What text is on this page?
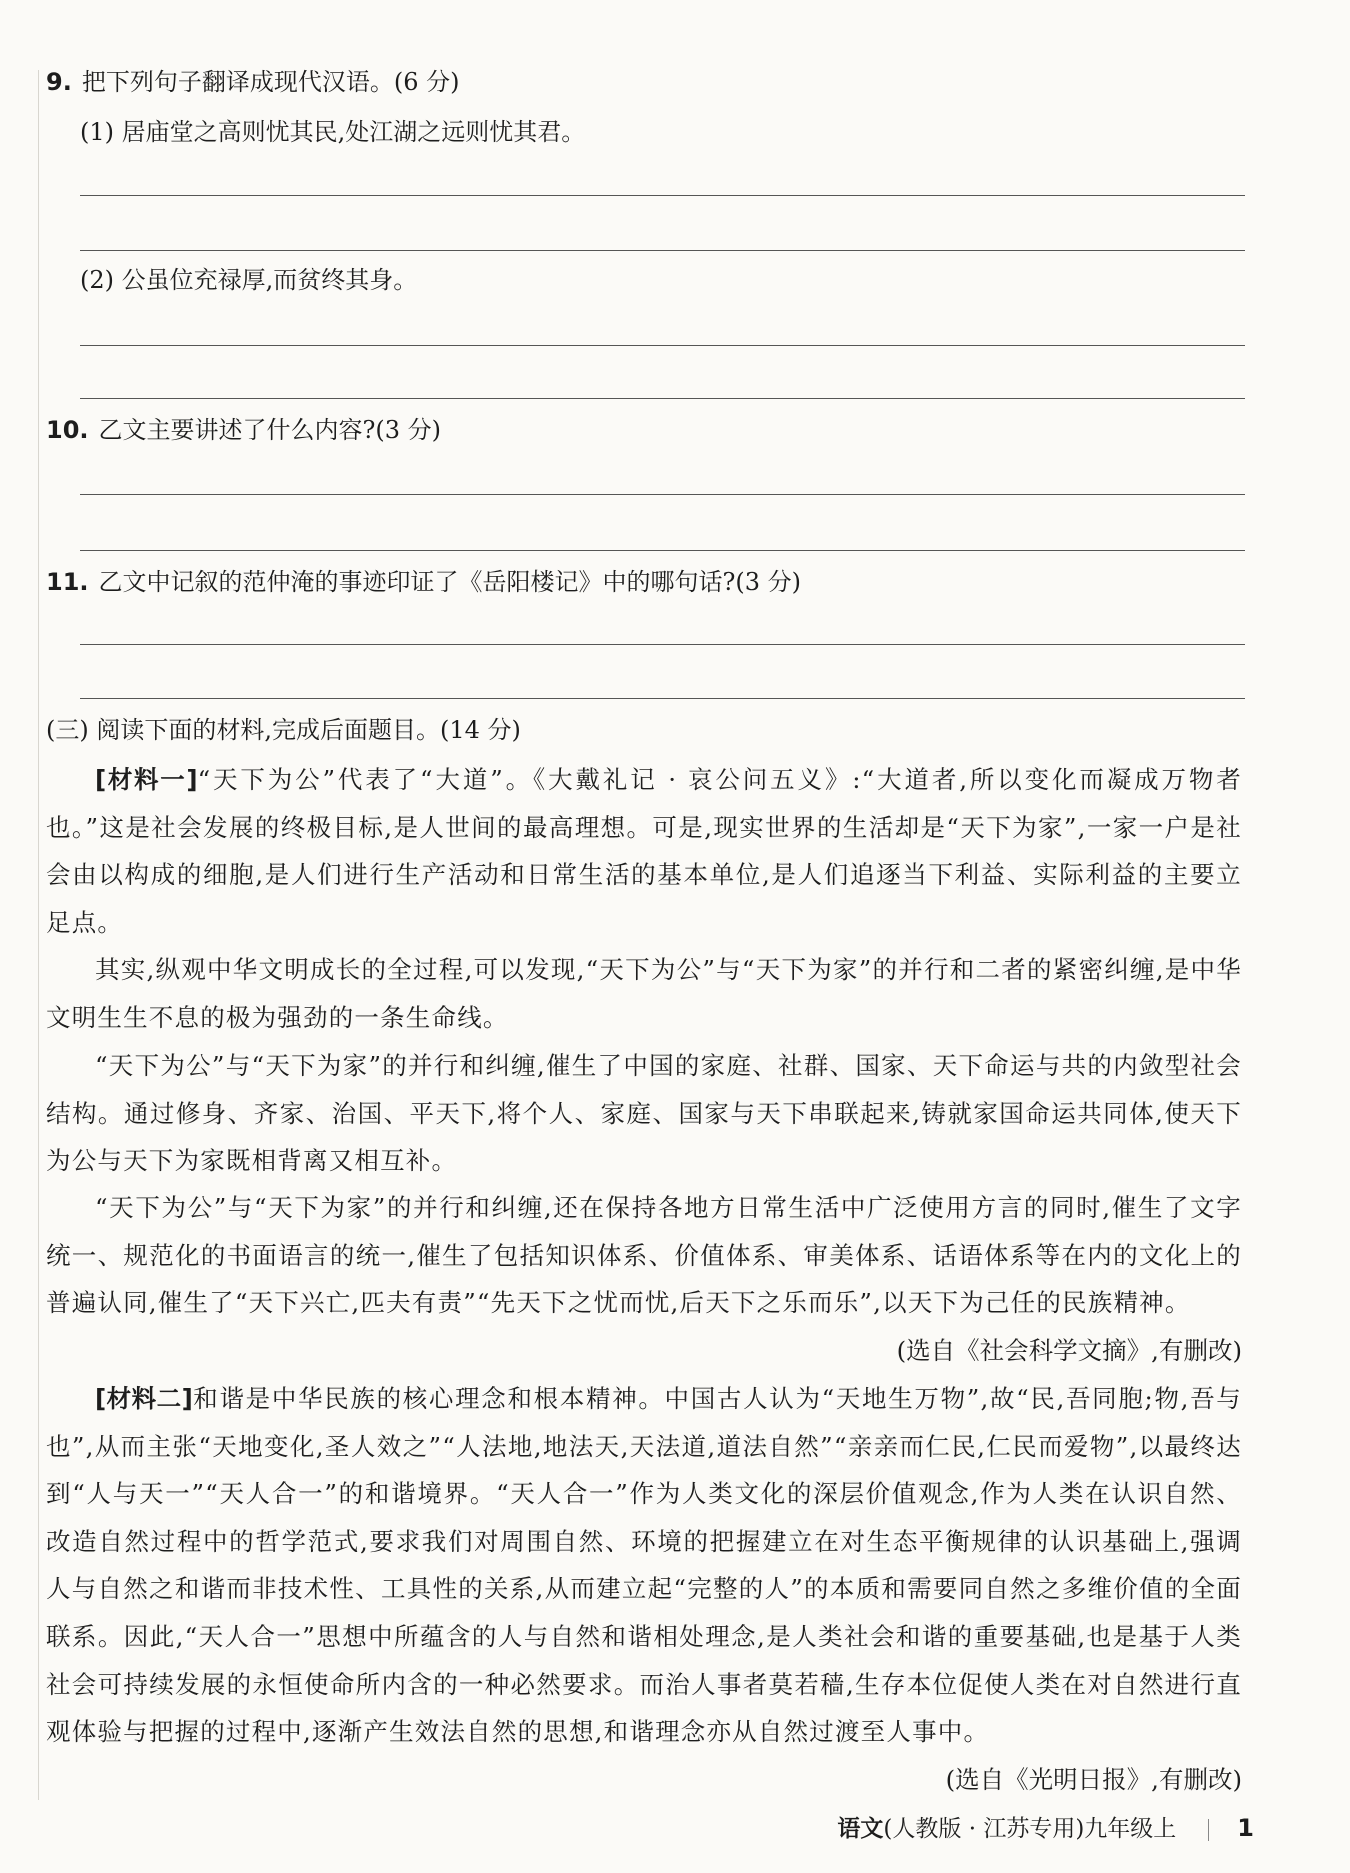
9. 把下列句子翻译成现代汉语。(6 分)
(1) 居庙堂之高则忧其民,处江湖之远则忧其君。
(2) 公虽位充禄厚,而贫终其身。
10. 乙文主要讲述了什么内容?(3 分)
11. 乙文中记叙的范仲淹的事迹印证了《岳阳楼记》中的哪句话?(3 分)
(三) 阅读下面的材料,完成后面题目。(14 分)
[材料一]“天下为公”代表了“大道”。《大戴礼记 · 哀公问五义》:“大道者,所以变化而凝成万物者也。”这是社会发展的终极目标,是人世间的最高理想。可是,现实世界的生活却是“天下为家”,一家一户是社会由以构成的细胞,是人们进行生产活动和日常生活的基本单位,是人们追逐当下利益、实际利益的主要立足点。
其实,纵观中华文明成长的全过程,可以发现,“天下为公”与“天下为家”的并行和二者的紧密纠缠,是中华文明生生不息的极为强劲的一条生命线。
“天下为公”与“天下为家”的并行和纠缠,催生了中国的家庭、社群、国家、天下命运与共的内敛型社会结构。通过修身、齐家、治国、平天下,将个人、家庭、国家与天下串联起来,铸就家国命运共同体,使天下为公与天下为家既相背离又相互补。
“天下为公”与“天下为家”的并行和纠缠,还在保持各地方日常生活中广泛使用方言的同时,催生了文字统一、规范化的书面语言的统一,催生了包括知识体系、价值体系、审美体系、话语体系等在内的文化上的普遍认同,催生了“天下兴亡,匹夫有责”“先天下之忧而忧,后天下之乐而乐”,以天下为己任的民族精神。
(选自《社会科学文摘》,有删改)
[材料二]和谐是中华民族的核心理念和根本精神。中国古人认为“天地生万物”,故“民,吾同胞;物,吾与也”,从而主张“天地变化,圣人效之”“人法地,地法天,天法道,道法自然”“亲亲而仁民,仁民而爱物”,以最终达到“人与天一”“天人合一”的和谐境界。“天人合一”作为人类文化的深层价值观念,作为人类在认识自然、改造自然过程中的哲学范式,要求我们对周围自然、环境的把握建立在对生态平衡规律的认识基础上,强调人与自然之和谐而非技术性、工具性的关系,从而建立起“完整的人”的本质和需要同自然之多维价值的全面联系。因此,“天人合一”思想中所蕴含的人与自然和谐相处理念,是人类社会和谐的重要基础,也是基于人类社会可持续发展的永恒使命所内含的一种必然要求。而治人事者莫若穑,生存本位促使人类在对自然进行直观体验与把握的过程中,逐渐产生效法自然的思想,和谐理念亦从自然过渡至人事中。
(选自《光明日报》,有删改)
语文(人教版 · 江苏专用)九年级上	1
